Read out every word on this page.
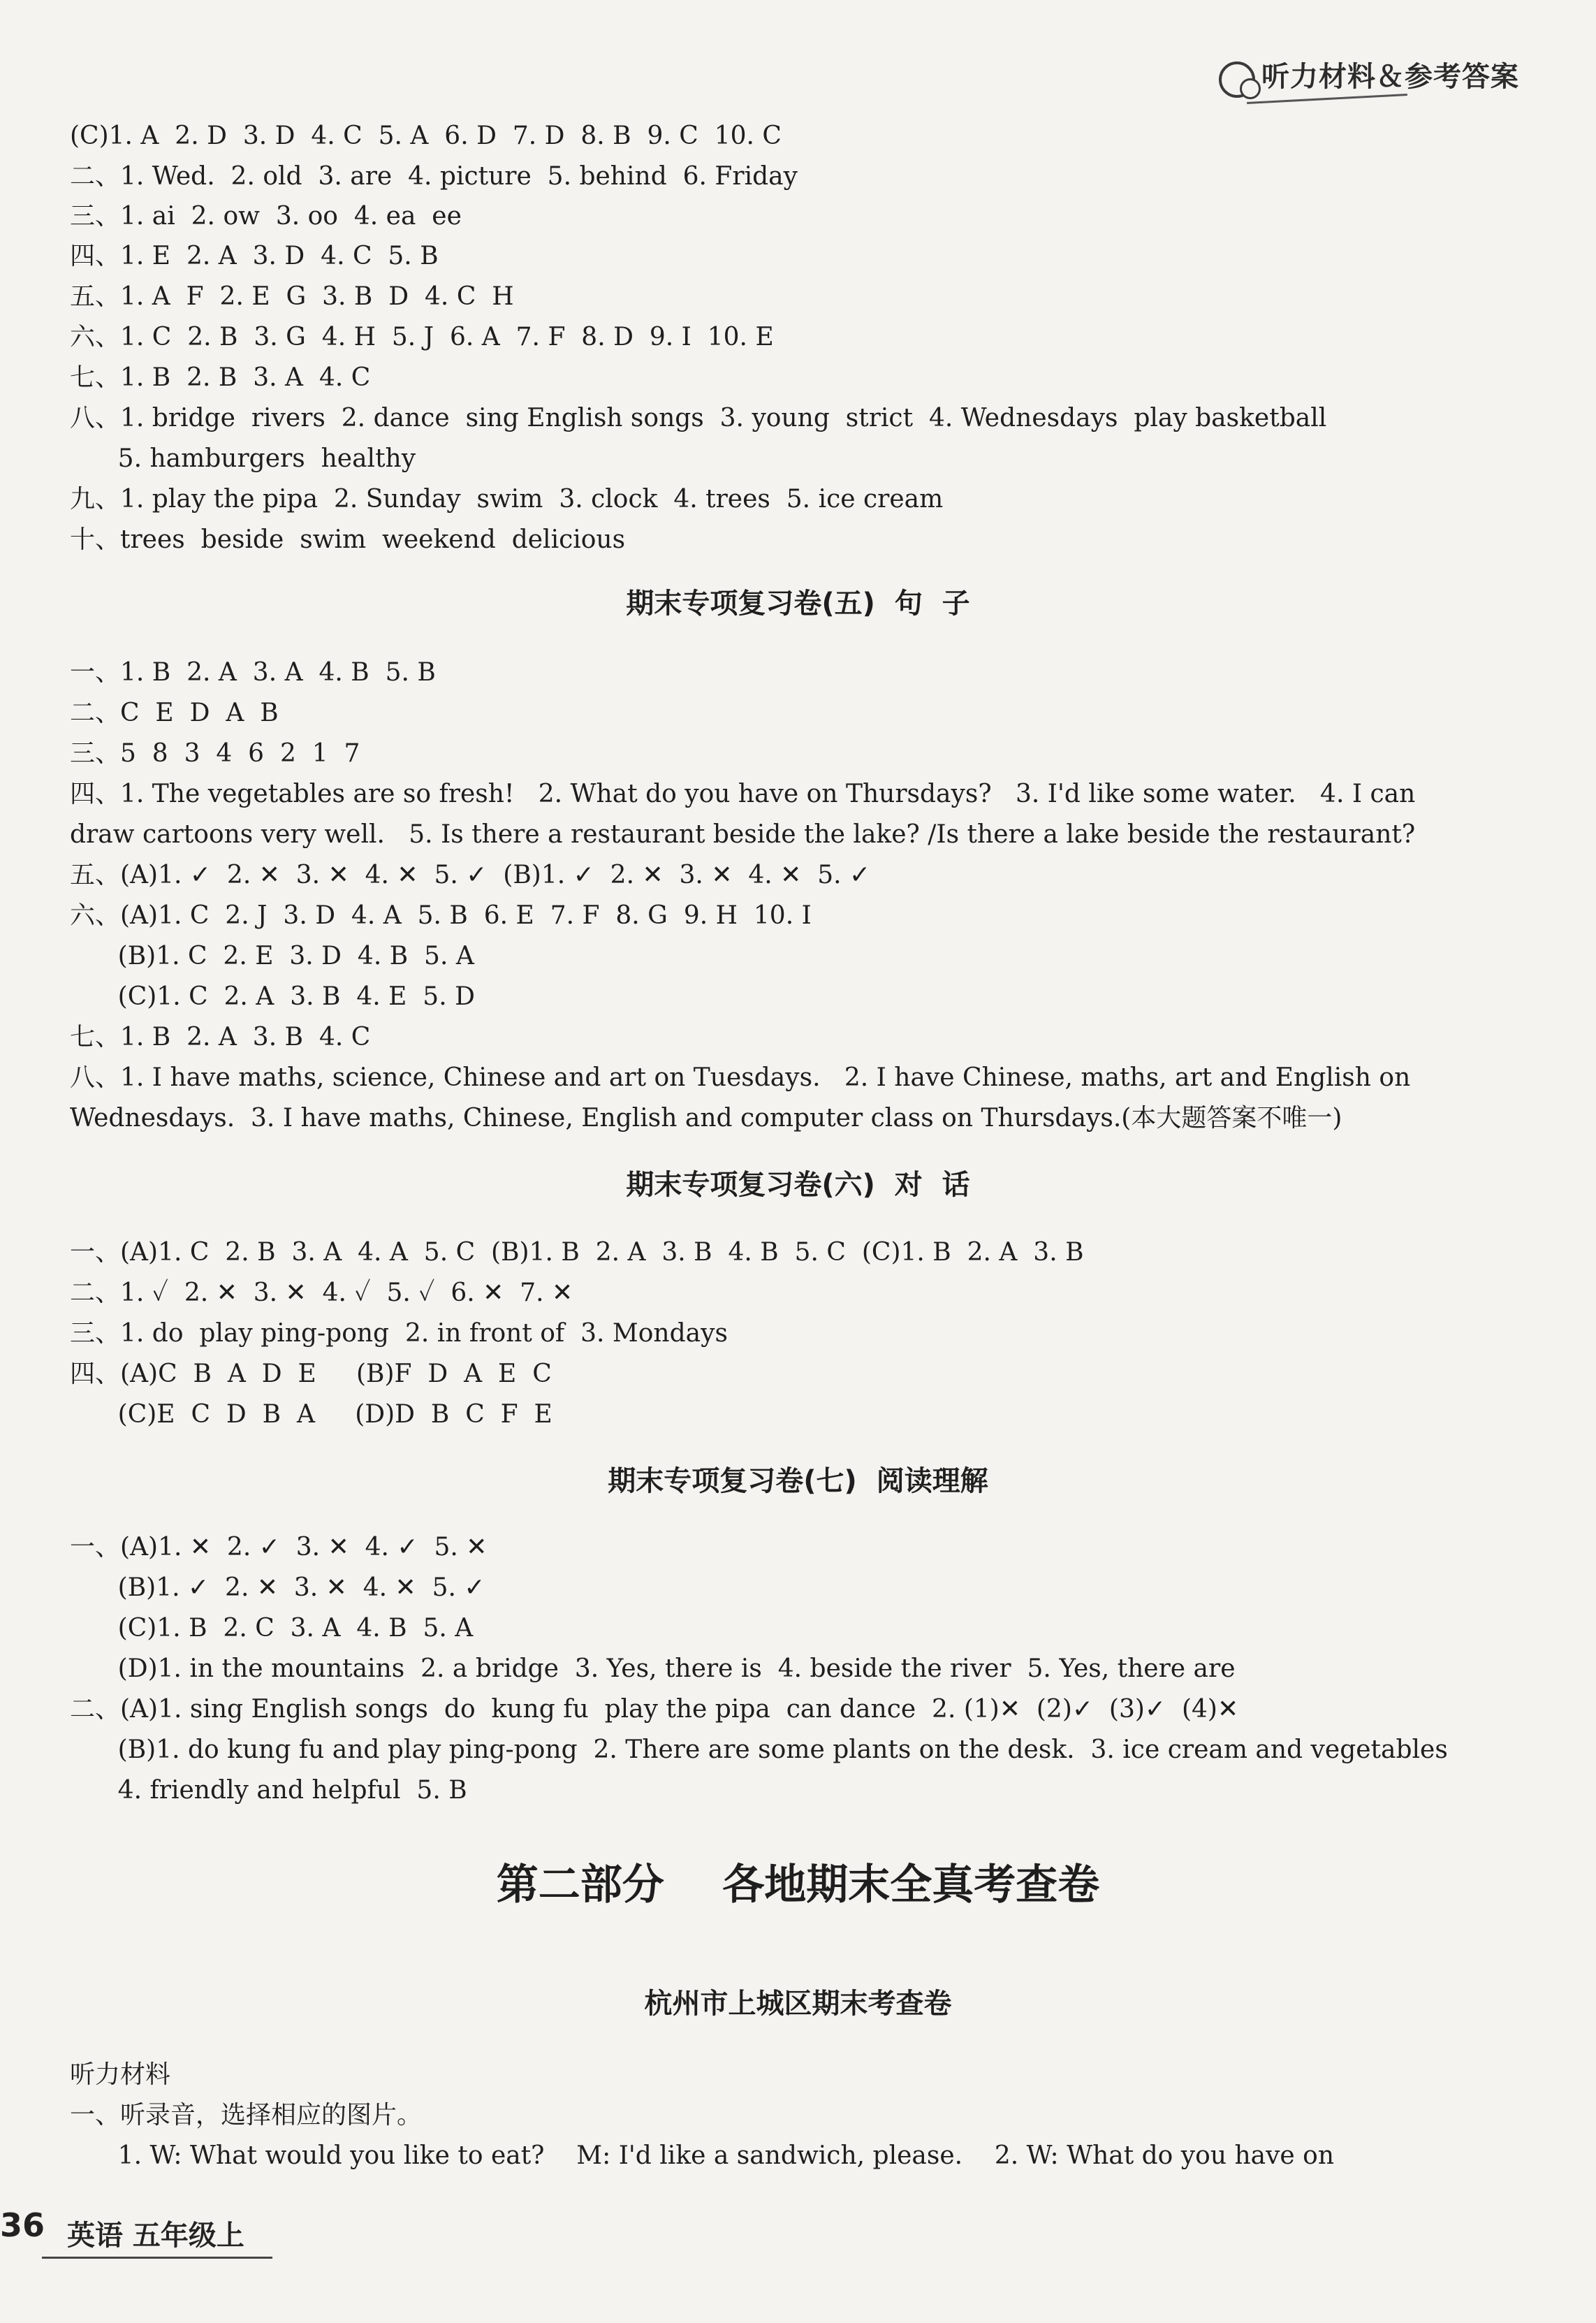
听力材料＆参考答案
(C)1. A  2. D  3. D  4. C  5. A  6. D  7. D  8. B  9. C  10. C
二、1. Wed.  2. old  3. are  4. picture  5. behind  6. Friday
三、1. ai  2. ow  3. oo  4. ea  ee
四、1. E  2. A  3. D  4. C  5. B
五、1. A  F  2. E  G  3. B  D  4. C  H
六、1. C  2. B  3. G  4. H  5. J  6. A  7. F  8. D  9. I  10. E
七、1. B  2. B  3. A  4. C
八、1. bridge  rivers  2. dance  sing English songs  3. young  strict  4. Wednesdays  play basketball
5. hamburgers  healthy
九、1. play the pipa  2. Sunday  swim  3. clock  4. trees  5. ice cream
十、trees  beside  swim  weekend  delicious
期末专项复习卷(五)  句  子
一、1. B  2. A  3. A  4. B  5. B
二、C  E  D  A  B
三、5  8  3  4  6  2  1  7
四、1. The vegetables are so fresh!   2. What do you have on Thursdays?   3. I'd like some water.   4. I can
draw cartoons very well.   5. Is there a restaurant beside the lake? /Is there a lake beside the restaurant?
五、(A)1. ✓  2. ✕  3. ✕  4. ✕  5. ✓  (B)1. ✓  2. ✕  3. ✕  4. ✕  5. ✓
六、(A)1. C  2. J  3. D  4. A  5. B  6. E  7. F  8. G  9. H  10. I
(B)1. C  2. E  3. D  4. B  5. A
(C)1. C  2. A  3. B  4. E  5. D
七、1. B  2. A  3. B  4. C
八、1. I have maths, science, Chinese and art on Tuesdays.   2. I have Chinese, maths, art and English on
Wednesdays.  3. I have maths, Chinese, English and computer class on Thursdays.(本大题答案不唯一)
期末专项复习卷(六)  对  话
一、(A)1. C  2. B  3. A  4. A  5. C  (B)1. B  2. A  3. B  4. B  5. C  (C)1. B  2. A  3. B
二、1. ✓  2. ✕  3. ✕  4. ✓  5. ✓  6. ✕  7. ✕
三、1. do  play ping-pong  2. in front of  3. Mondays
四、(A)C  B  A  D  E     (B)F  D  A  E  C
(C)E  C  D  B  A     (D)D  B  C  F  E
期末专项复习卷(七)  阅读理解
一、(A)1. ✕  2. ✓  3. ✕  4. ✓  5. ✕
(B)1. ✓  2. ✕  3. ✕  4. ✕  5. ✓
(C)1. B  2. C  3. A  4. B  5. A
(D)1. in the mountains  2. a bridge  3. Yes, there is  4. beside the river  5. Yes, there are
二、(A)1. sing English songs  do  kung fu  play the pipa  can dance  2. (1)✕  (2)✓  (3)✓  (4)✕
(B)1. do kung fu and play ping-pong  2. There are some plants on the desk.  3. ice cream and vegetables
4. friendly and helpful  5. B
第二部分    各地期末全真考查卷
杭州市上城区期末考查卷
听力材料
一、听录音，选择相应的图片。
1. W: What would you like to eat?    M: I'd like a sandwich, please.    2. W: What do you have on
36 英语 五年级上
